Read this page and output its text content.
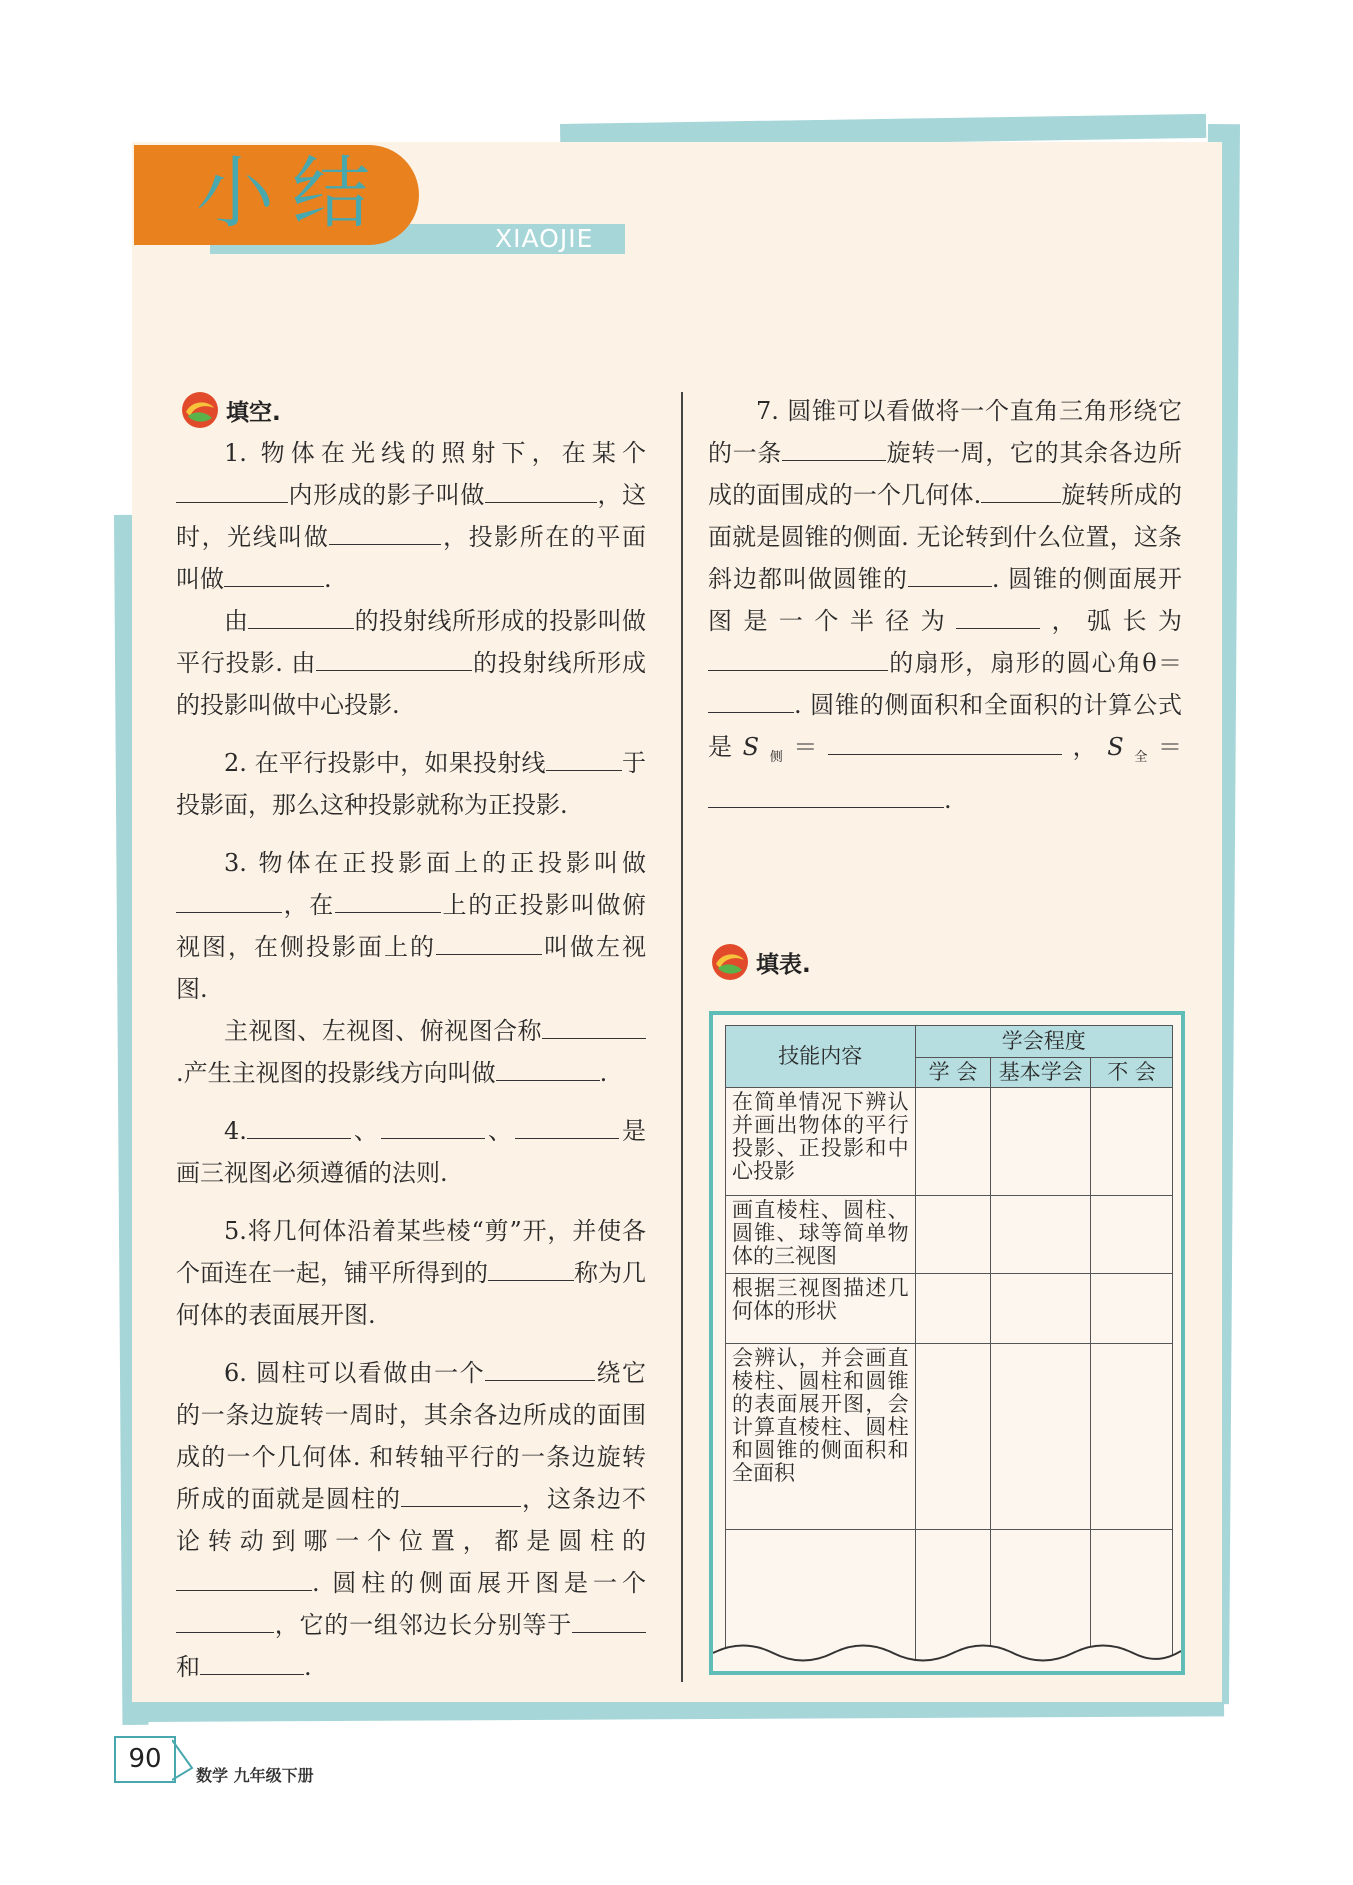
小结	XIAOJIE
填空.

1. 物体在光线的照射下，在某个内形成的影子叫做	，这时，光线叫做	，投影所在的平面叫做	.

由	的投射线所形成的投影叫做平行投影. 由	的投射线所形成的投影叫做中心投影.

2. 在平行投影中，如果投射线	于投影面，那么这种投影就称为正投影.

3. 物体在正投影面上的正投影叫做，在	上的正投影叫做俯视图，在侧投影面上的	叫做左视图.

主视图、左视图、俯视图合称.产生主视图的投影线方向叫做	.

4.	、	、	是画三视图必须遵循的法则.

5.将几何体沿着某些棱“剪”开，并使各个面连在一起，铺平所得到的	称为几何体的表面展开图.

6. 圆柱可以看做由一个	绕它的一条边旋转一周时，其余各边所成的面围成的一个几何体. 和转轴平行的一条边旋转所成的面就是圆柱的	，这条边不论转动到哪一个位置，都是圆柱的. 圆柱的侧面展开图是一个，它的一组邻边长分别等于和	.

7. 圆锥可以看做将一个直角三角形绕它的一条	旋转一周，它的其余各边所成的面围成的一个几何体.	旋转所成的面就是圆锥的侧面. 无论转到什么位置，这条斜边都叫做圆锥的	. 圆锥的侧面展开图是一个半径为	，弧长为的扇形，扇形的圆心角θ＝. 圆锥的侧面积和全面积的计算公式是$S_侧=$	，$S_全=$.

填表.
技能内容	学会程度		
	学 会	基本学会	不 会
在简单情况下辨认并画出物体的平行投影、正投影和中心投影			
画直棱柱、圆柱、圆锥、球等简单物体的三视图			
根据三视图描述几何体的形状			
会辨认，并会画直棱柱、圆柱和圆锥的表面展开图，会计算直棱柱、圆柱和圆锥的侧面积和全面积			

90
数学 九年级下册
